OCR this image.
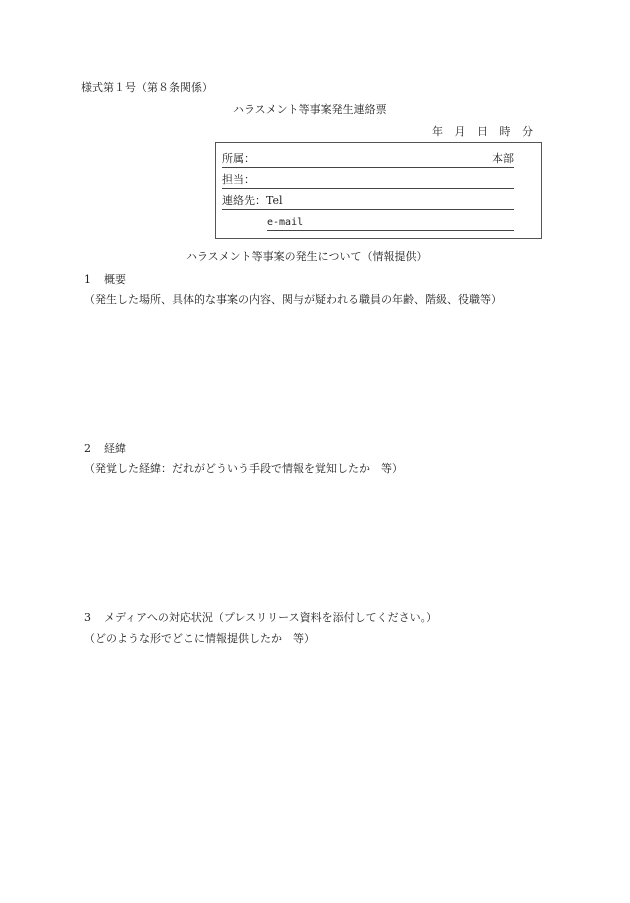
様式第１号（第８条関係）
ハラスメント等事案発生連絡票
年	月	日	時	分
所属：	本部
担当：
連絡先：Tel
e-mail
ハラスメント等事案の発生について（情報提供）
1 概要
（発生した場所、具体的な事案の内容、関与が疑われる職員の年齢、階級、役職等）
2 経緯
（発覚した経緯：だれがどういう手段で情報を覚知したか　等）
3 メディアへの対応状況（プレスリリース資料を添付してください。）
（どのような形でどこに情報提供したか　等）
